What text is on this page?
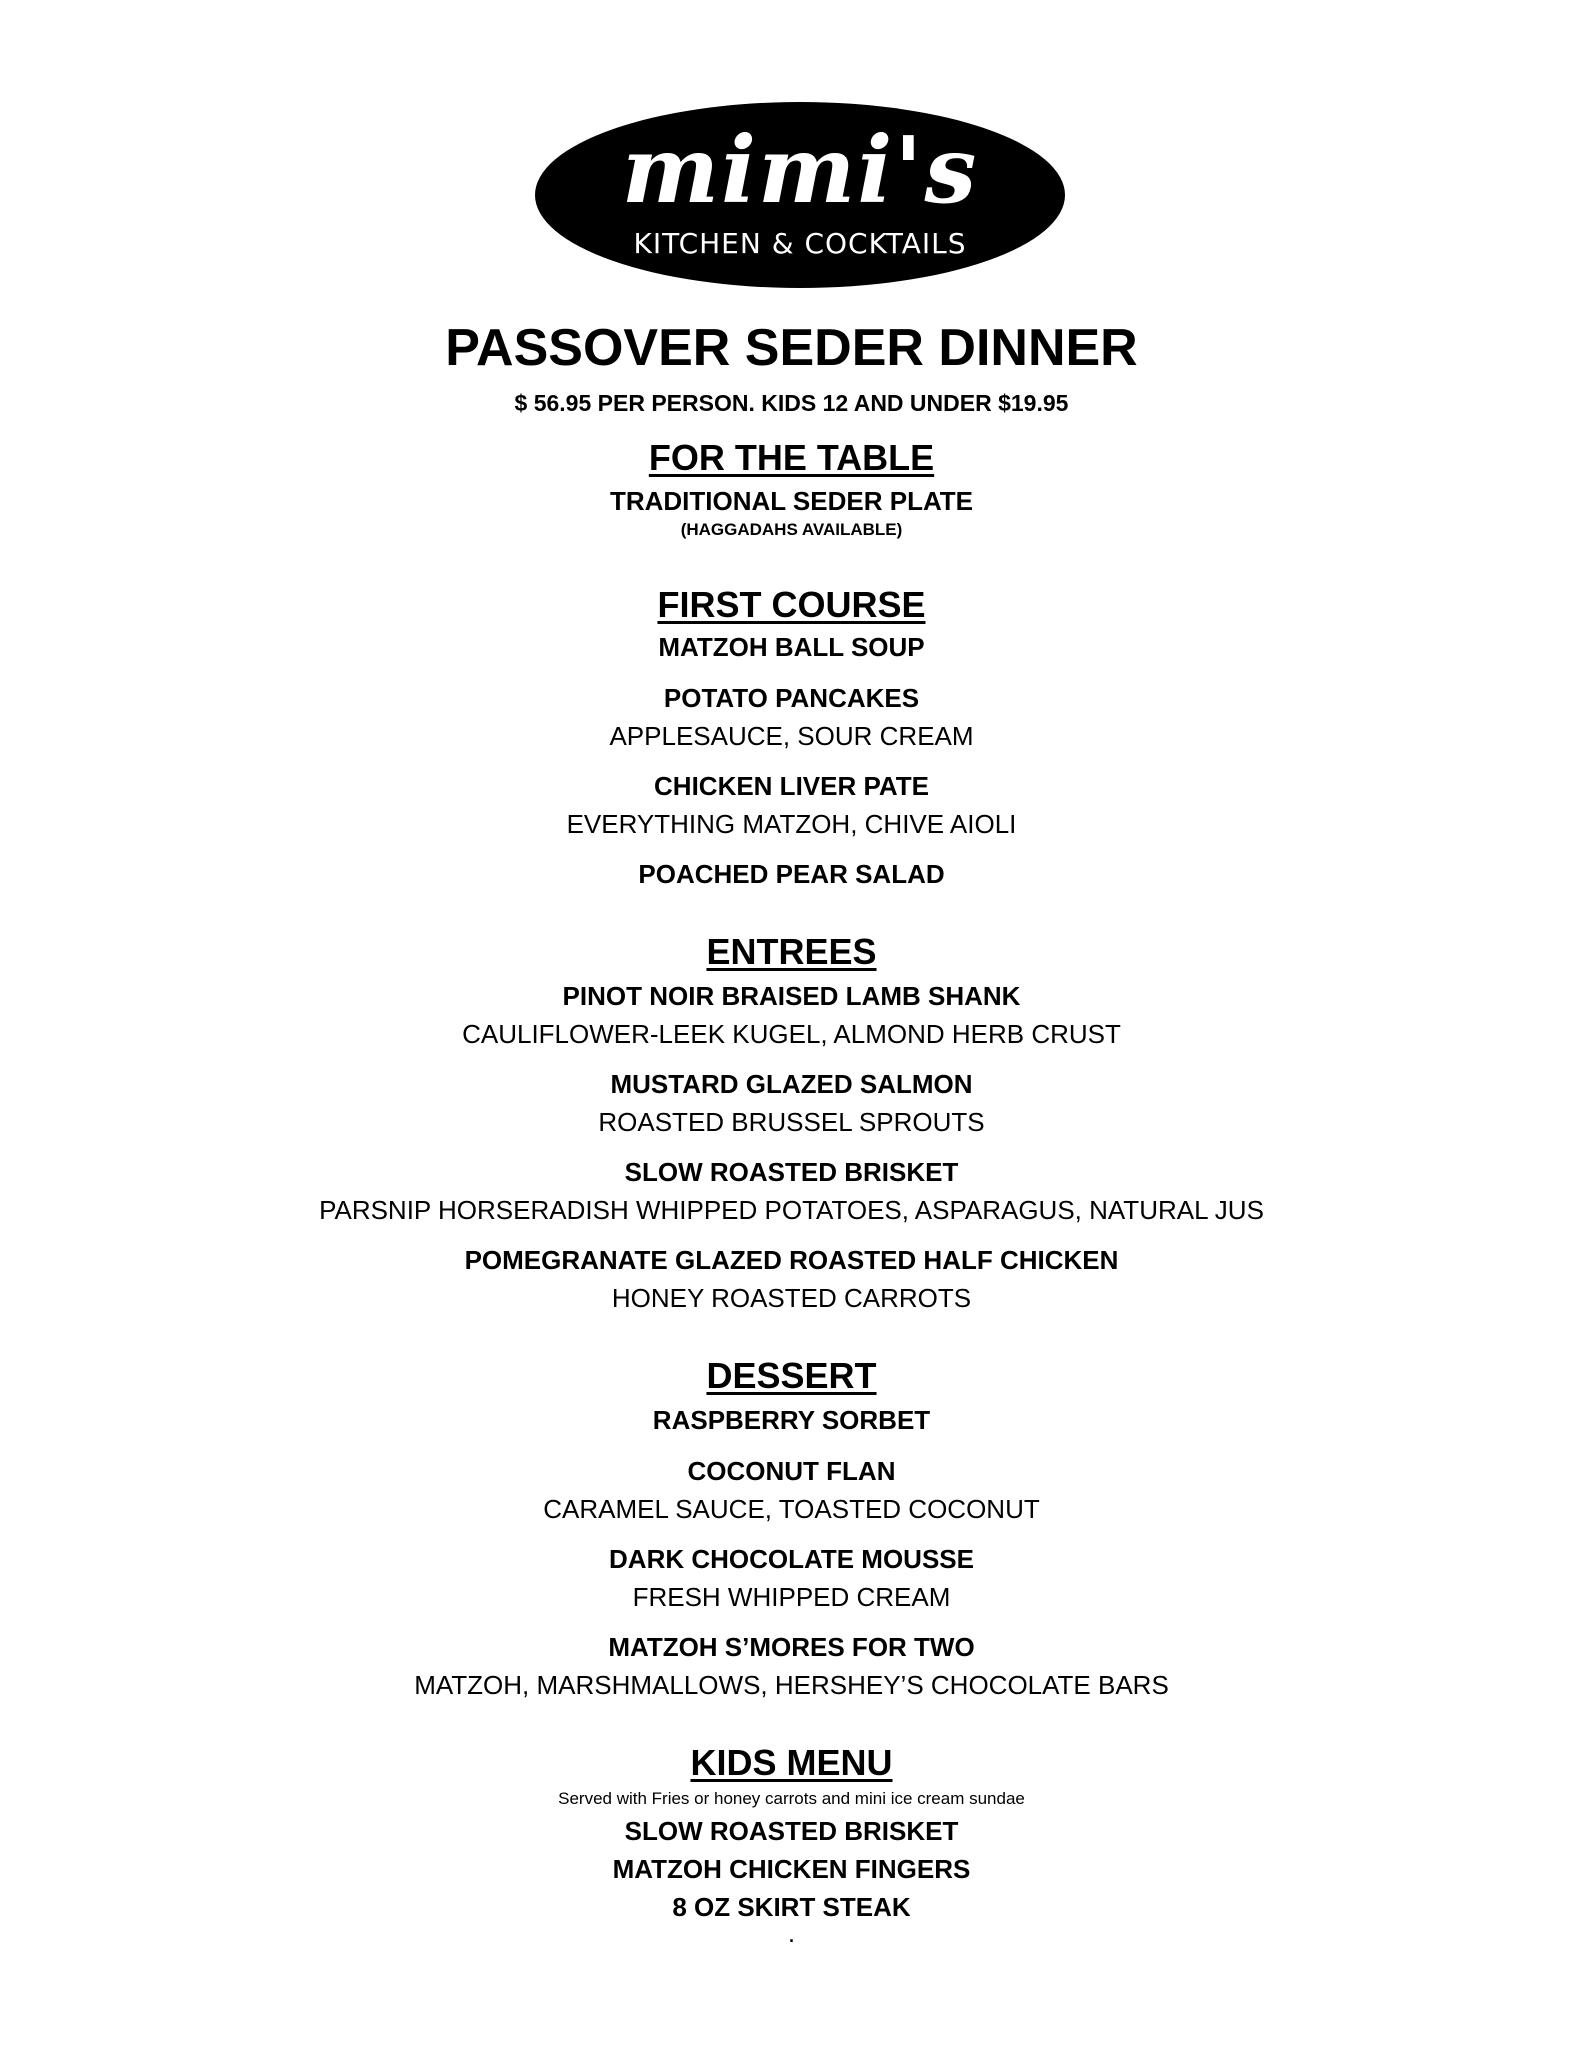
mimi's
KITCHEN & COCKTAILS
PASSOVER SEDER DINNER
$ 56.95 PER PERSON. KIDS 12 AND UNDER $19.95
FOR THE TABLE
TRADITIONAL SEDER PLATE
(HAGGADAHS AVAILABLE)
FIRST COURSE
MATZOH BALL SOUP
POTATO PANCAKES
APPLESAUCE, SOUR CREAM
CHICKEN LIVER PATE
EVERYTHING MATZOH, CHIVE AIOLI
POACHED PEAR SALAD
ENTREES
PINOT NOIR BRAISED LAMB SHANK
CAULIFLOWER-LEEK KUGEL, ALMOND HERB CRUST
MUSTARD GLAZED SALMON
ROASTED BRUSSEL SPROUTS
SLOW ROASTED BRISKET
PARSNIP HORSERADISH WHIPPED POTATOES, ASPARAGUS, NATURAL JUS
POMEGRANATE GLAZED ROASTED HALF CHICKEN
HONEY ROASTED CARROTS
DESSERT
RASPBERRY SORBET
COCONUT FLAN
CARAMEL SAUCE, TOASTED COCONUT
DARK CHOCOLATE MOUSSE
FRESH WHIPPED CREAM
MATZOH S’MORES FOR TWO
MATZOH, MARSHMALLOWS, HERSHEY’S CHOCOLATE BARS
KIDS MENU
Served with Fries or honey carrots and mini ice cream sundae
SLOW ROASTED BRISKET
MATZOH CHICKEN FINGERS
8 OZ SKIRT STEAK
.
